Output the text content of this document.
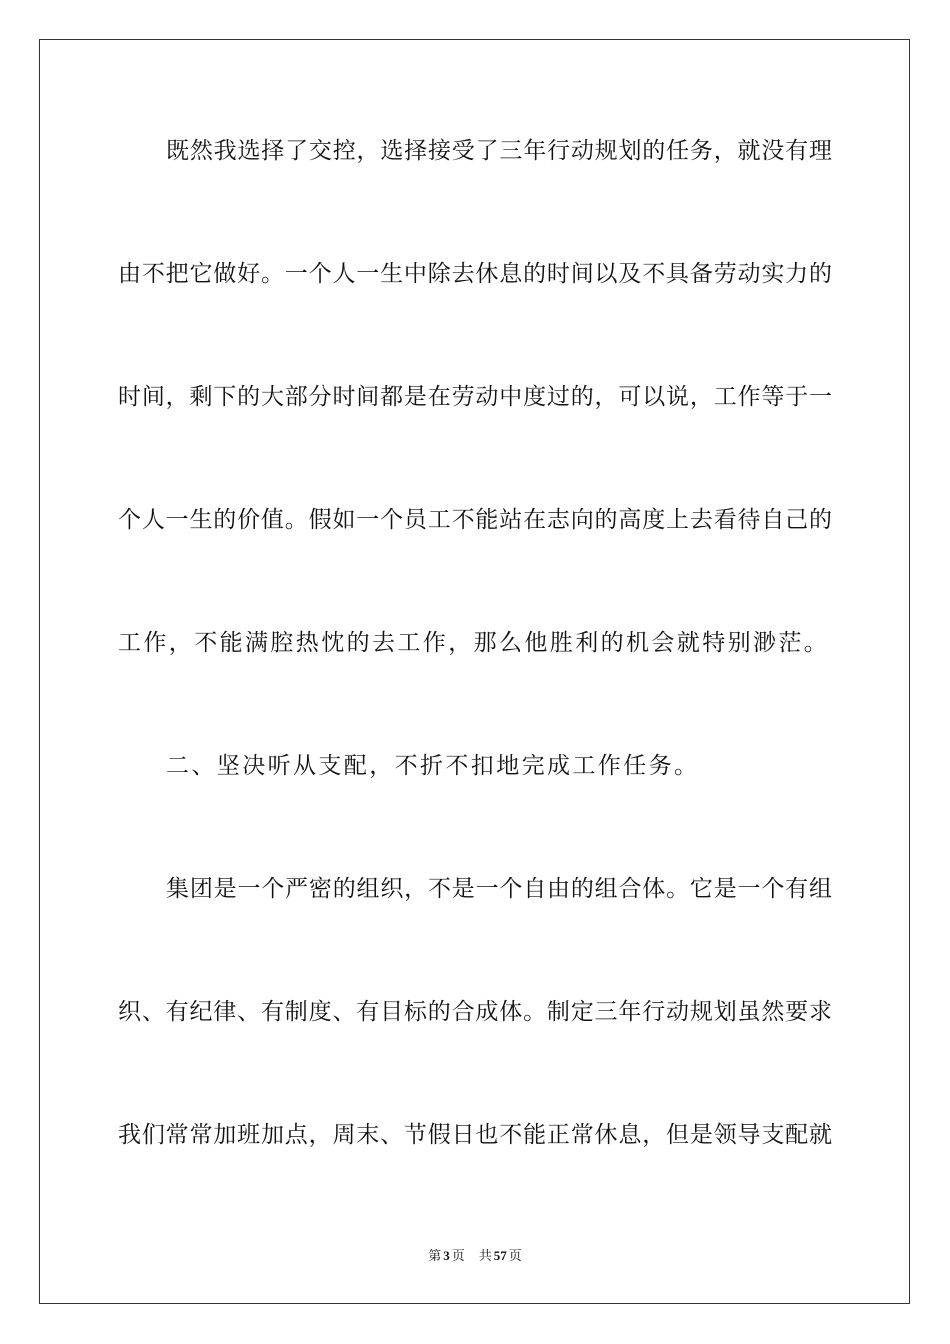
既然我选择了交控，选择接受了三年行动规划的任务，就没有理
由不把它做好。一个人一生中除去休息的时间以及不具备劳动实力的
时间，剩下的大部分时间都是在劳动中度过的，可以说，工作等于一
个人一生的价值。假如一个员工不能站在志向的高度上去看待自己的
工作，不能满腔热忱的去工作，那么他胜利的机会就特别渺茫。
二、坚决听从支配，不折不扣地完成工作任务。
集团是一个严密的组织，不是一个自由的组合体。它是一个有组
织、有纪律、有制度、有目标的合成体。制定三年行动规划虽然要求
我们常常加班加点，周末、节假日也不能正常休息，但是领导支配就
第 3 页 共 57 页
